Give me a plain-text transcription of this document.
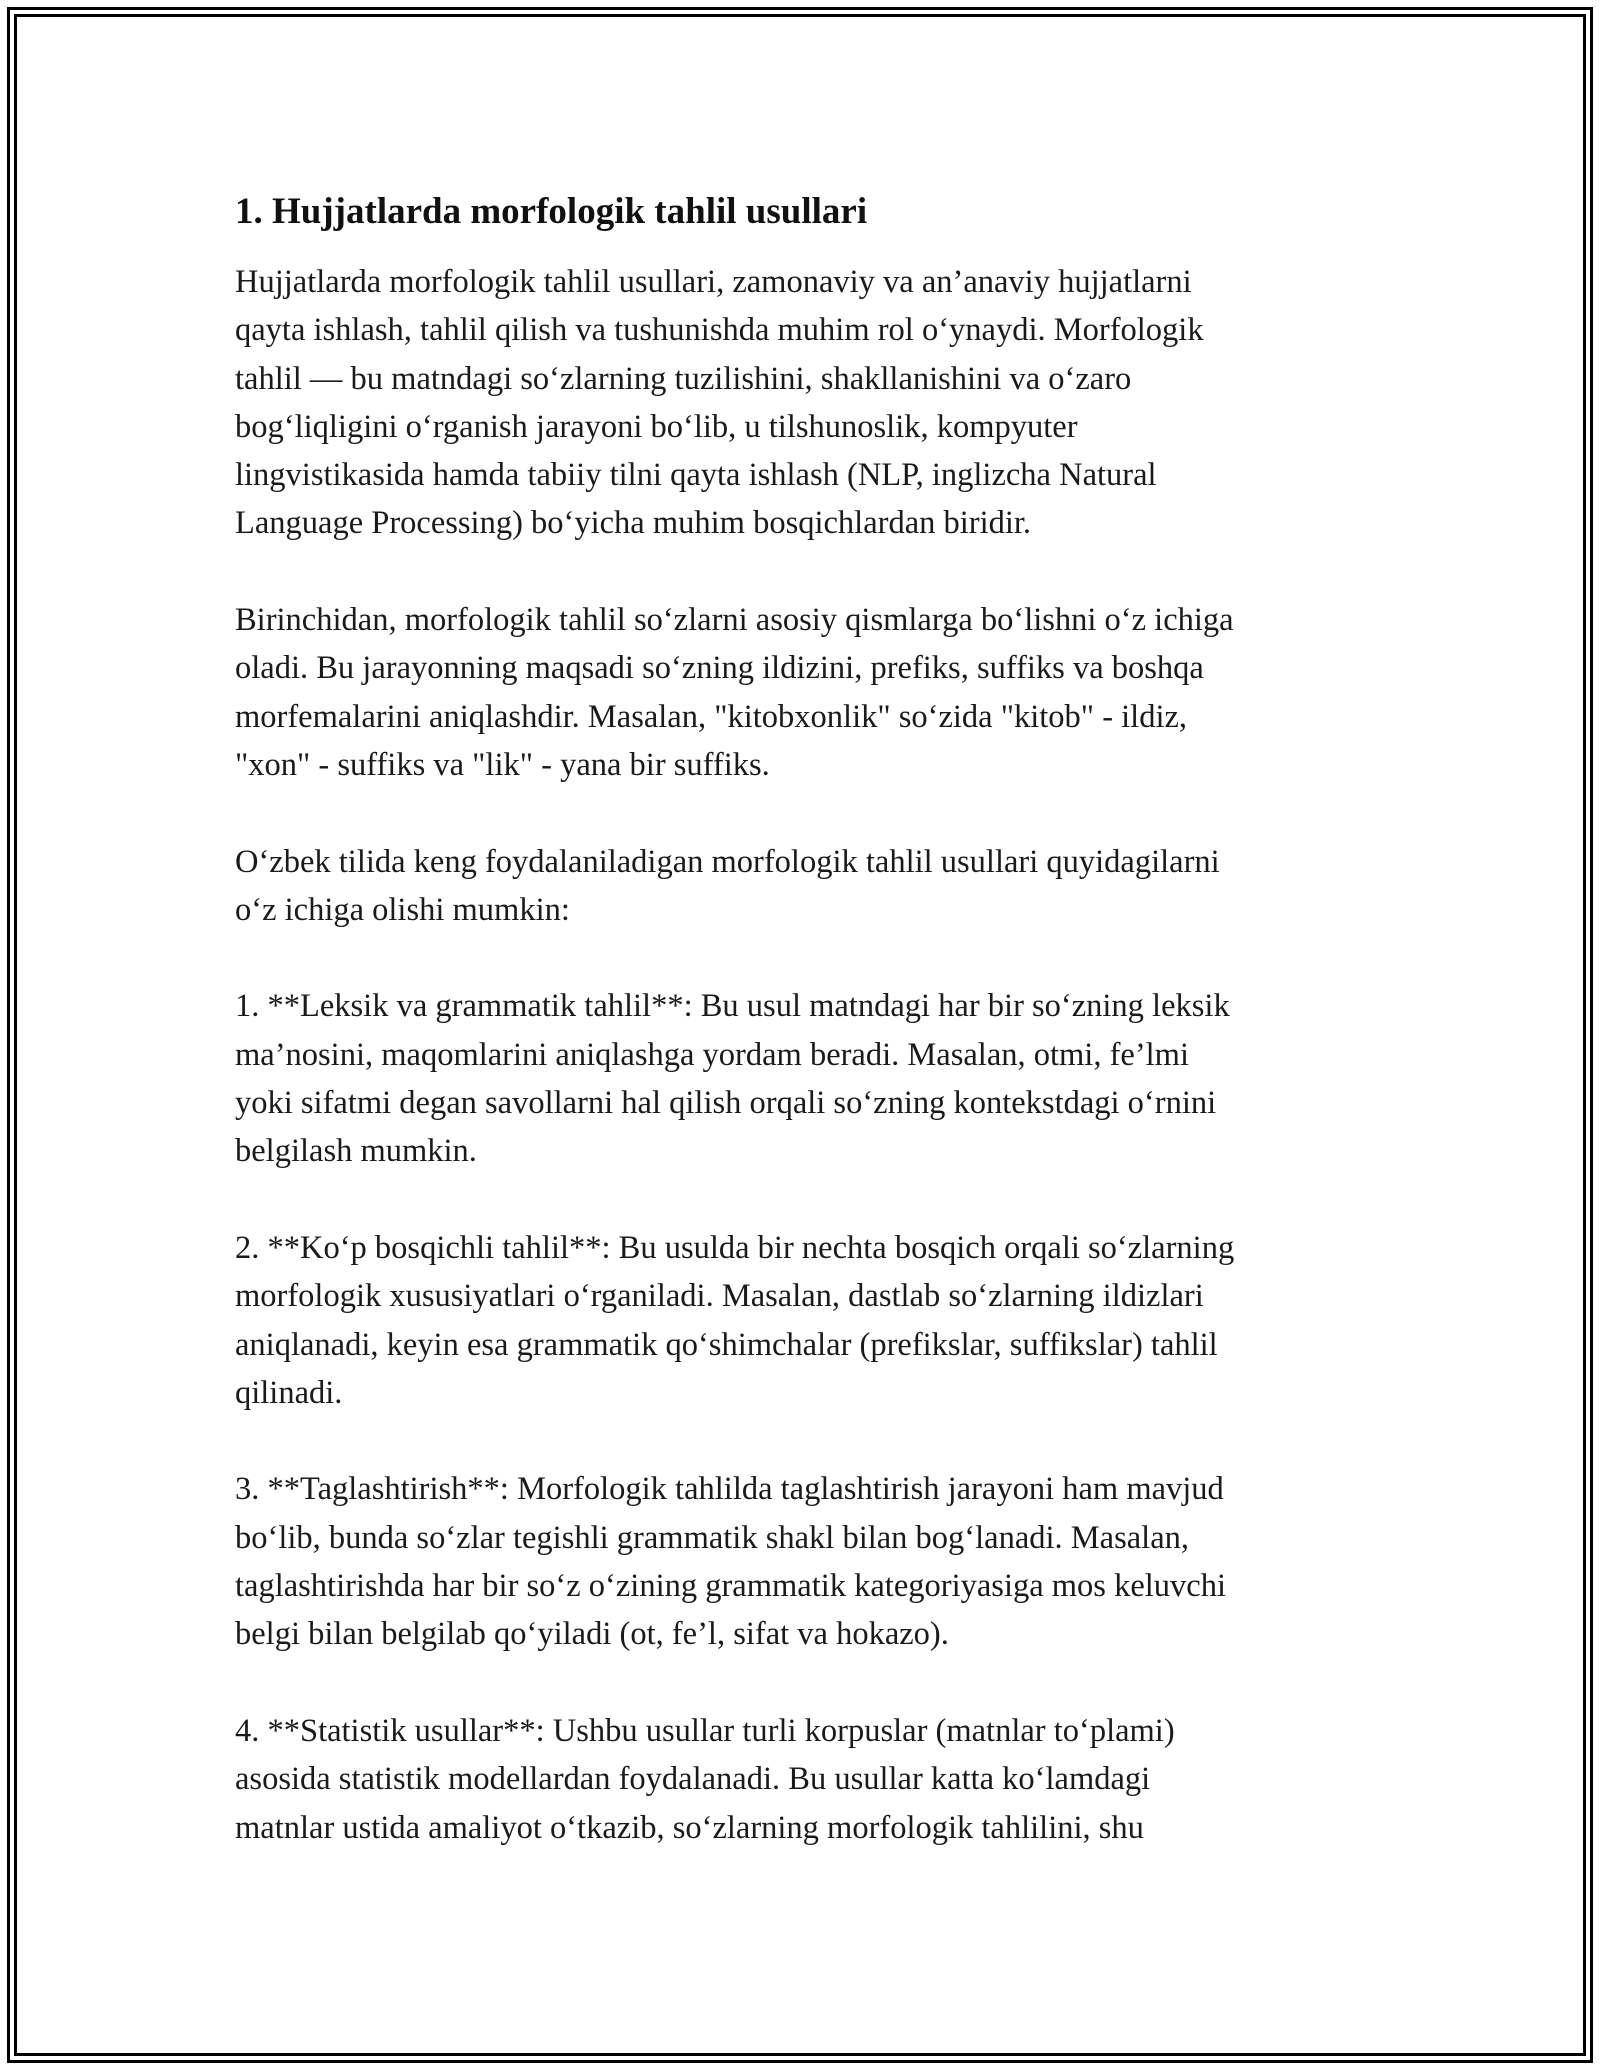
1. Hujjatlarda morfologik tahlil usullari

Hujjatlarda morfologik tahlil usullari, zamonaviy va an’anaviy hujjatlarni
qayta ishlash, tahlil qilish va tushunishda muhim rol o‘ynaydi. Morfologik
tahlil — bu matndagi so‘zlarning tuzilishini, shakllanishini va o‘zaro
bog‘liqligini o‘rganish jarayoni bo‘lib, u tilshunoslik, kompyuter
lingvistikasida hamda tabiiy tilni qayta ishlash (NLP, inglizcha Natural
Language Processing) bo‘yicha muhim bosqichlardan biridir.

Birinchidan, morfologik tahlil so‘zlarni asosiy qismlarga bo‘lishni o‘z ichiga
oladi. Bu jarayonning maqsadi so‘zning ildizini, prefiks, suffiks va boshqa
morfemalarini aniqlashdir. Masalan, "kitobxonlik" so‘zida "kitob" - ildiz,
"xon" - suffiks va "lik" - yana bir suffiks.

O‘zbek tilida keng foydalaniladigan morfologik tahlil usullari quyidagilarni
o‘z ichiga olishi mumkin:

1. **Leksik va grammatik tahlil**: Bu usul matndagi har bir so‘zning leksik
ma’nosini, maqomlarini aniqlashga yordam beradi. Masalan, otmi, fe’lmi
yoki sifatmi degan savollarni hal qilish orqali so‘zning kontekstdagi o‘rnini
belgilash mumkin.

2. **Ko‘p bosqichli tahlil**: Bu usulda bir nechta bosqich orqali so‘zlarning
morfologik xususiyatlari o‘rganiladi. Masalan, dastlab so‘zlarning ildizlari
aniqlanadi, keyin esa grammatik qo‘shimchalar (prefikslar, suffikslar) tahlil
qilinadi.

3. **Taglashtirish**: Morfologik tahlilda taglashtirish jarayoni ham mavjud
bo‘lib, bunda so‘zlar tegishli grammatik shakl bilan bog‘lanadi. Masalan,
taglashtirishda har bir so‘z o‘zining grammatik kategoriyasiga mos keluvchi
belgi bilan belgilab qo‘yiladi (ot, fe’l, sifat va hokazo).

4. **Statistik usullar**: Ushbu usullar turli korpuslar (matnlar to‘plami)
asosida statistik modellardan foydalanadi. Bu usullar katta ko‘lamdagi
matnlar ustida amaliyot o‘tkazib, so‘zlarning morfologik tahlilini, shu
